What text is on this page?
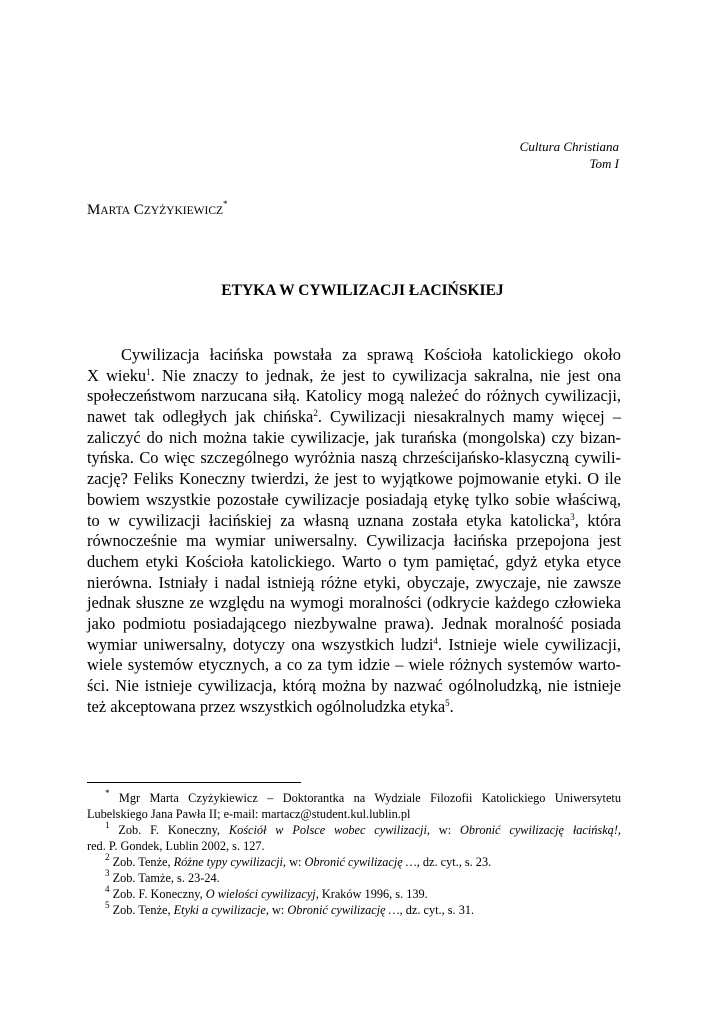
Cultura Christiana
Tom I
MARTA CZYŻYKIEWICZ*
ETYKA W CYWILIZACJI ŁACIŃSKIEJ
Cywilizacja łacińska powstała za sprawą Kościoła katolickiego około
X wieku$^1$. Nie znaczy to jednak, że jest to cywilizacja sakralna, nie jest ona
społeczeństwom narzucana siłą. Katolicy mogą należeć do różnych cywilizacji,
nawet tak odległych jak chińska$^2$. Cywilizacji niesakralnych mamy więcej –
zaliczyć do nich można takie cywilizacje, jak turańska (mongolska) czy bizan-
tyńska. Co więc szczególnego wyróżnia naszą chrześcijańsko-klasyczną cywili-
zację? Feliks Koneczny twierdzi, że jest to wyjątkowe pojmowanie etyki. O ile
bowiem wszystkie pozostałe cywilizacje posiadają etykę tylko sobie właściwą,
to w cywilizacji łacińskiej za własną uznana została etyka katolicka$^3$, która
równocześnie ma wymiar uniwersalny. Cywilizacja łacińska przepojona jest
duchem etyki Kościoła katolickiego. Warto o tym pamiętać, gdyż etyka etyce
nierówna. Istniały i nadal istnieją różne etyki, obyczaje, zwyczaje, nie zawsze
jednak słuszne ze względu na wymogi moralności (odkrycie każdego człowieka
jako podmiotu posiadającego niezbywalne prawa). Jednak moralność posiada
wymiar uniwersalny, dotyczy ona wszystkich ludzi$^4$. Istnieje wiele cywilizacji,
wiele systemów etycznych, a co za tym idzie – wiele różnych systemów warto-
ści. Nie istnieje cywilizacja, którą można by nazwać ogólnoludzką, nie istnieje
też akceptowana przez wszystkich ogólnoludzka etyka$^5$.
* Mgr Marta Czyżykiewicz – Doktorantka na Wydziale Filozofii Katolickiego Uniwersytetu
Lubelskiego Jana Pawła II; e-mail: martacz@student.kul.lublin.pl
$^1$ Zob. F. Koneczny, Kościół w Polsce wobec cywilizacji, w: Obronić cywilizację łacińską!,
red. P. Gondek, Lublin 2002, s. 127.
$^2$ Zob. Tenże, Różne typy cywilizacji, w: Obronić cywilizację …, dz. cyt., s. 23.
$^3$ Zob. Tamże, s. 23-24.
$^4$ Zob. F. Koneczny, O wielości cywilizacyj, Kraków 1996, s. 139.
$^5$ Zob. Tenże, Etyki a cywilizacje, w: Obronić cywilizację …, dz. cyt., s. 31.
